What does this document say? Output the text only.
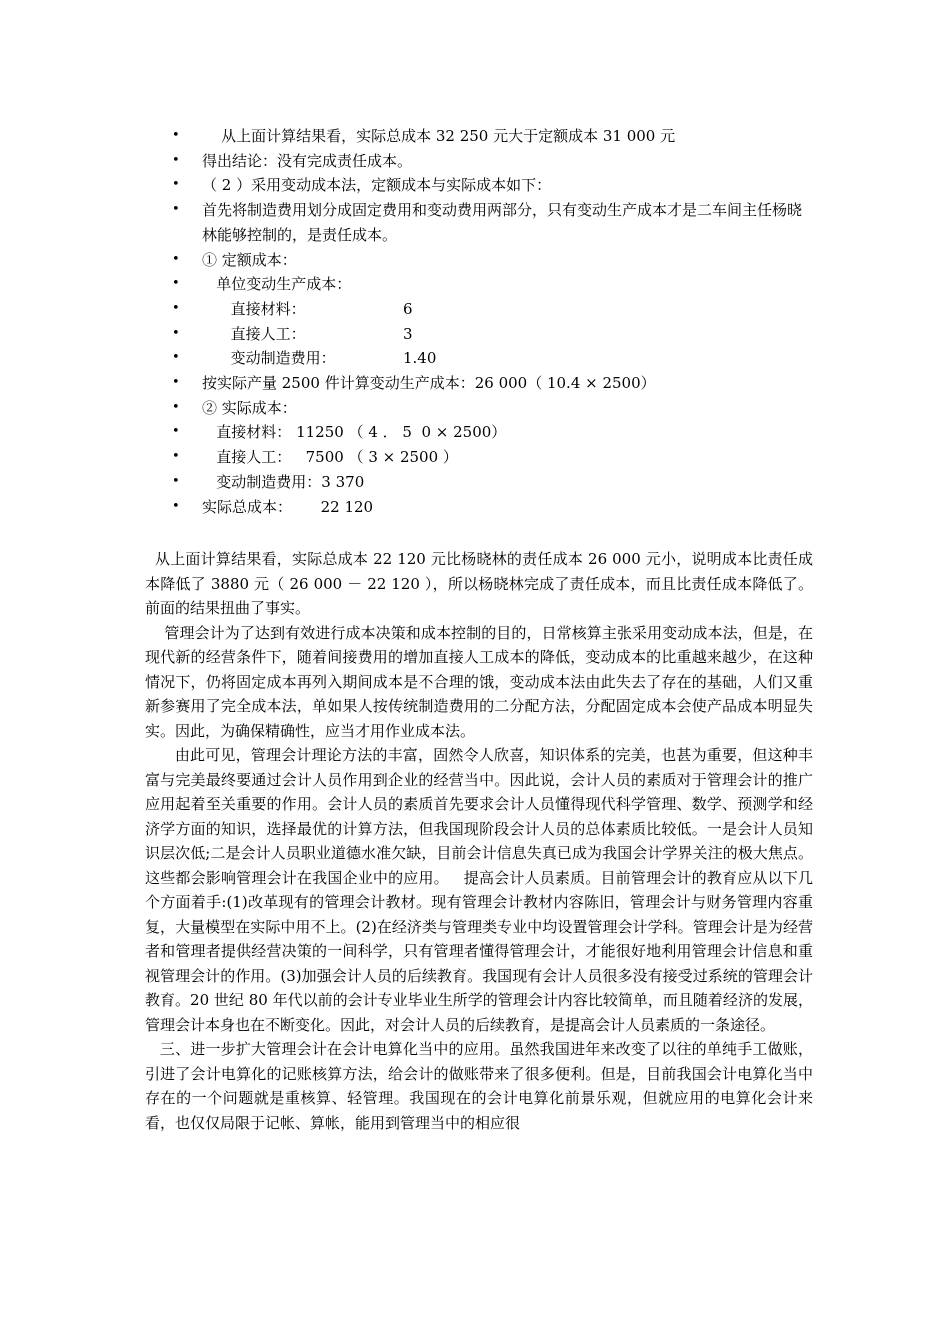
• 从上面计算结果看，实际总成本 32 250 元大于定额成本 31 000 元
• 得出结论：没有完成责任成本。
• （ 2 ）采用变动成本法，定额成本与实际成本如下：
• 首先将制造费用划分成固定费用和变动费用两部分，只有变动生产成本才是二车间主任杨晓林能够控制的，是责任成本。
• ① 定额成本：
• 单位变动生产成本：
• 直接材料：	6
• 直接人工：	3
• 变动制造费用：	1.40
• 按实际产量 2500 件计算变动生产成本：26 000（ 10.4 × 2500）
• ② 实际成本：
• 直接材料： 11250 （ 4 ． 5  0 × 2500）
• 直接人工：   7500 （ 3 × 2500 ）
• 变动制造费用：3 370
• 实际总成本：      22 120

从上面计算结果看，实际总成本 22 120 元比杨晓林的责任成本 26 000 元小，说明成本比责任成本降低了 3880 元（ 26 000 － 22 120 ），所以杨晓林完成了责任成本，而且比责任成本降低了。前面的结果扭曲了事实。

管理会计为了达到有效进行成本决策和成本控制的目的，日常核算主张采用变动成本法，但是，在现代新的经营条件下，随着间接费用的增加直接人工成本的降低，变动成本的比重越来越少，在这种情况下，仍将固定成本再列入期间成本是不合理的饿，变动成本法由此失去了存在的基础，人们又重新参赛用了完全成本法，单如果人按传统制造费用的二分配方法，分配固定成本会使产品成本明显失实。因此，为确保精确性，应当才用作业成本法。

由此可见，管理会计理论方法的丰富，固然令人欣喜，知识体系的完美，也甚为重要，但这种丰富与完美最终要通过会计人员作用到企业的经营当中。因此说，会计人员的素质对于管理会计的推广应用起着至关重要的作用。会计人员的素质首先要求会计人员懂得现代科学管理、数学、预测学和经济学方面的知识，选择最优的计算方法，但我国现阶段会计人员的总体素质比较低。一是会计人员知识层次低;二是会计人员职业道德水准欠缺，目前会计信息失真已成为我国会计学界关注的极大焦点。这些都会影响管理会计在我国企业中的应用。   提高会计人员素质。目前管理会计的教育应从以下几个方面着手:(1)改革现有的管理会计教材。现有管理会计教材内容陈旧，管理会计与财务管理内容重复，大量模型在实际中用不上。(2)在经济类与管理类专业中均设置管理会计学科。管理会计是为经营者和管理者提供经营决策的一间科学，只有管理者懂得管理会计，才能很好地利用管理会计信息和重视管理会计的作用。(3)加强会计人员的后续教育。我国现有会计人员很多没有接受过系统的管理会计教育。20 世纪 80 年代以前的会计专业毕业生所学的管理会计内容比较简单，而且随着经济的发展，管理会计本身也在不断变化。因此，对会计人员的后续教育，是提高会计人员素质的一条途径。

三、进一步扩大管理会计在会计电算化当中的应用。虽然我国进年来改变了以往的单纯手工做账，引进了会计电算化的记账核算方法，给会计的做账带来了很多便利。但是，目前我国会计电算化当中存在的一个问题就是重核算、轻管理。我国现在的会计电算化前景乐观，但就应用的电算化会计来看，也仅仅局限于记帐、算帐，能用到管理当中的相应很
